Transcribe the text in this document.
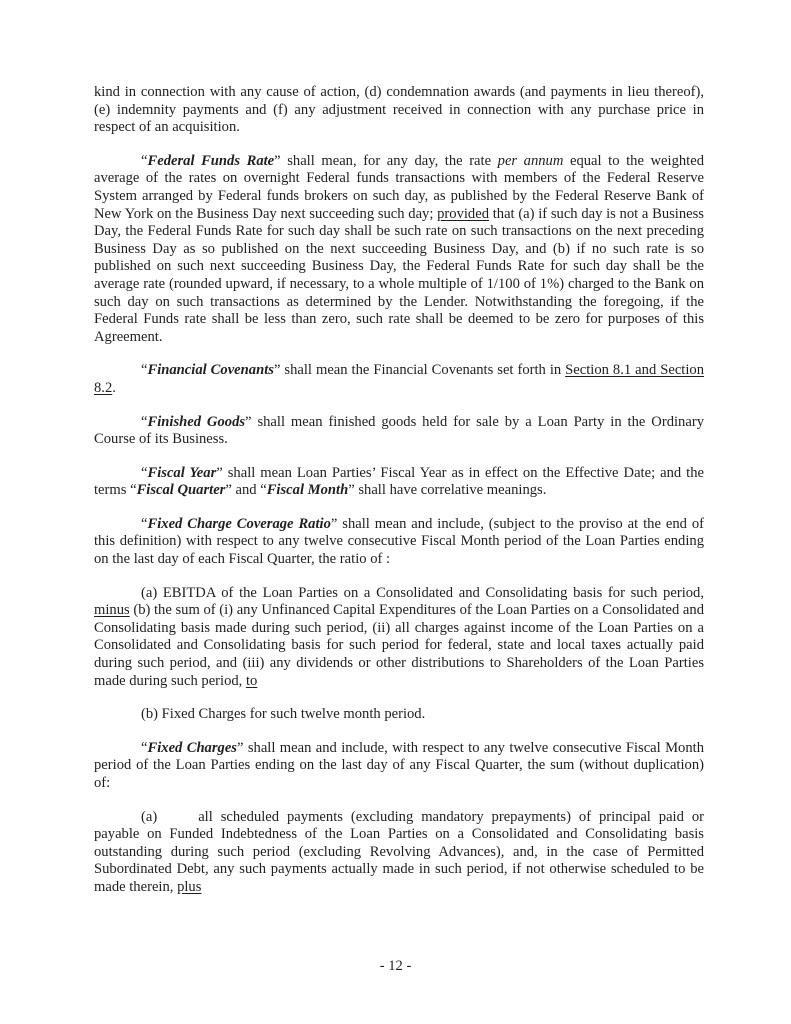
kind in connection with any cause of action, (d) condemnation awards (and payments in lieu thereof), (e) indemnity payments and (f) any adjustment received in connection with any purchase price in respect of an acquisition.

“Federal Funds Rate” shall mean, for any day, the rate per annum equal to the weighted average of the rates on overnight Federal funds transactions with members of the Federal Reserve System arranged by Federal funds brokers on such day, as published by the Federal Reserve Bank of New York on the Business Day next succeeding such day; provided that (a) if such day is not a Business Day, the Federal Funds Rate for such day shall be such rate on such transactions on the next preceding Business Day as so published on the next succeeding Business Day, and (b) if no such rate is so published on such next succeeding Business Day, the Federal Funds Rate for such day shall be the average rate (rounded upward, if necessary, to a whole multiple of 1/100 of 1%) charged to the Bank on such day on such transactions as determined by the Lender. Notwithstanding the foregoing, if the Federal Funds rate shall be less than zero, such rate shall be deemed to be zero for purposes of this Agreement.

“Financial Covenants” shall mean the Financial Covenants set forth in Section 8.1 and Section 8.2.

“Finished Goods” shall mean finished goods held for sale by a Loan Party in the Ordinary Course of its Business.

“Fiscal Year” shall mean Loan Parties’ Fiscal Year as in effect on the Effective Date; and the terms “Fiscal Quarter” and “Fiscal Month” shall have correlative meanings.

“Fixed Charge Coverage Ratio” shall mean and include, (subject to the proviso at the end of this definition) with respect to any twelve consecutive Fiscal Month period of the Loan Parties ending on the last day of each Fiscal Quarter, the ratio of :

(a) EBITDA of the Loan Parties on a Consolidated and Consolidating basis for such period, minus (b) the sum of (i) any Unfinanced Capital Expenditures of the Loan Parties on a Consolidated and Consolidating basis made during such period, (ii) all charges against income of the Loan Parties on a Consolidated and Consolidating basis for such period for federal, state and local taxes actually paid during such period, and (iii) any dividends or other distributions to Shareholders of the Loan Parties made during such period, to

(b) Fixed Charges for such twelve month period.

“Fixed Charges” shall mean and include, with respect to any twelve consecutive Fiscal Month period of the Loan Parties ending on the last day of any Fiscal Quarter, the sum (without duplication) of:

(a)	all scheduled payments (excluding mandatory prepayments) of principal paid or payable on Funded Indebtedness of the Loan Parties on a Consolidated and Consolidating basis outstanding during such period (excluding Revolving Advances), and, in the case of Permitted Subordinated Debt, any such payments actually made in such period, if not otherwise scheduled to be made therein, plus

- 12 -
